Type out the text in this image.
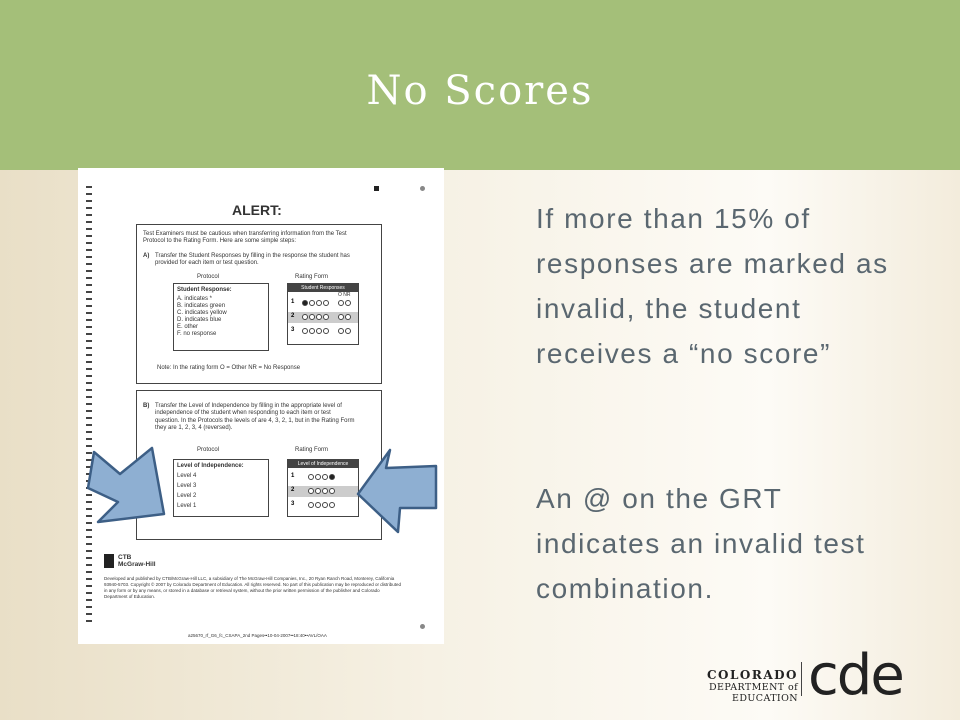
No Scores
ALERT:
Test Examiners must be cautious when transferring information from the Test Protocol to the Rating Form. Here are some simple steps:
A) Transfer the Student Responses by filling in the response the student has provided for each item or test question.
Protocol	Rating Form
Student Response:
A. indicates *
B. indicates green
C. indicates yellow
D. indicates blue
E. other
F. no response
Student Responses
O NR
1
2
3
Note: In the rating form O = Other NR = No Response
B) Transfer the Level of Independence by filling in the appropriate level of independence of the student when responding to each item or test question. In the Protocols the levels of are 4, 3, 2, 1, but in the Rating Form they are 1, 2, 3, 4 (reversed).
Protocol	Rating Form
Level of Independence:
Level 4
Level 3
Level 2
Level 1
Level of Independence
1
2
3
CTB
McGraw-Hill
Developed and published by CTB/McGraw-Hill LLC, a subsidiary of The McGraw-Hill Companies, Inc., 20 Ryan Ranch Road, Monterey, California 93940-5703. Copyright © 2007 by Colorado Department of Education. All rights reserved. No part of this publication may be reproduced or distributed in any form or by any means, or stored in a database or retrieval system, without the prior written permission of the publisher and Colorado Department of Education.
a25670_rf_G6_fc_CSAPA_2nd Pages••10-04-2007••18:40••AVL/OAA

If more than 15% of responses are marked as invalid, the student receives a “no score”

An @ on the GRT indicates an invalid test combination.

COLORADO
DEPARTMENT of EDUCATION cde
